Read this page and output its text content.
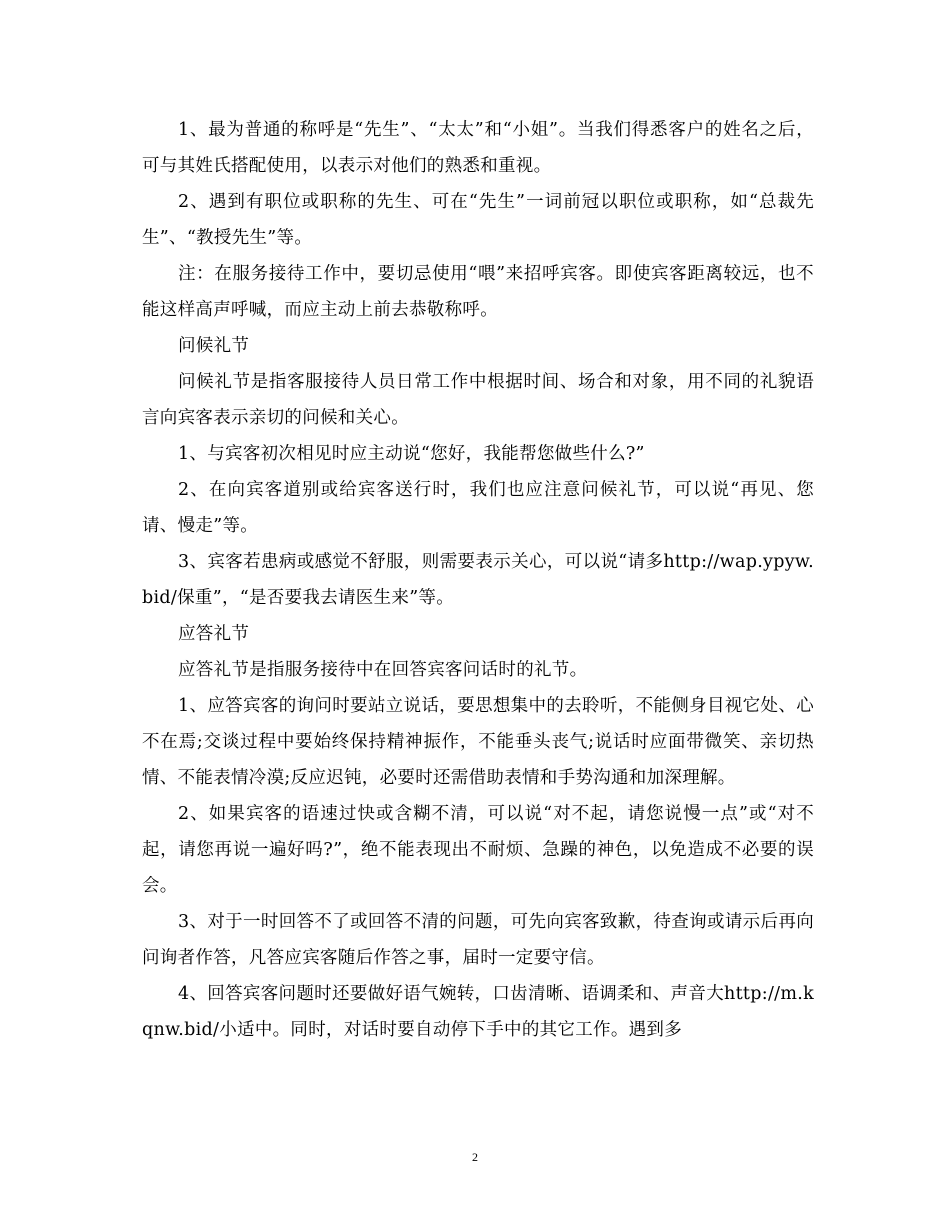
1、最为普通的称呼是“先生”、“太太”和“小姐”。当我们得悉客户的姓名之后，可与其姓氏搭配使用，以表示对他们的熟悉和重视。

2、遇到有职位或职称的先生、可在“先生”一词前冠以职位或职称，如“总裁先生”、“教授先生”等。

注：在服务接待工作中，要切忌使用“喂”来招呼宾客。即使宾客距离较远，也不能这样高声呼喊，而应主动上前去恭敬称呼。

问候礼节

问候礼节是指客服接待人员日常工作中根据时间、场合和对象，用不同的礼貌语言向宾客表示亲切的问候和关心。

1、与宾客初次相见时应主动说“您好，我能帮您做些什么?”

2、在向宾客道别或给宾客送行时，我们也应注意问候礼节，可以说“再见、您请、慢走”等。

3、宾客若患病或感觉不舒服，则需要表示关心，可以说“请多http://wap.ypyw.bid/保重”，“是否要我去请医生来”等。

应答礼节

应答礼节是指服务接待中在回答宾客问话时的礼节。

1、应答宾客的询问时要站立说话，要思想集中的去聆听，不能侧身目视它处、心不在焉;交谈过程中要始终保持精神振作，不能垂头丧气;说话时应面带微笑、亲切热情、不能表情冷漠;反应迟钝，必要时还需借助表情和手势沟通和加深理解。

2、如果宾客的语速过快或含糊不清，可以说“对不起，请您说慢一点”或“对不起，请您再说一遍好吗?”，绝不能表现出不耐烦、急躁的神色，以免造成不必要的误会。

3、对于一时回答不了或回答不清的问题，可先向宾客致歉，待查询或请示后再向问询者作答，凡答应宾客随后作答之事，届时一定要守信。

4、回答宾客问题时还要做好语气婉转，口齿清晰、语调柔和、声音大http://m.kqnw.bid/小适中。同时，对话时要自动停下手中的其它工作。遇到多

2
